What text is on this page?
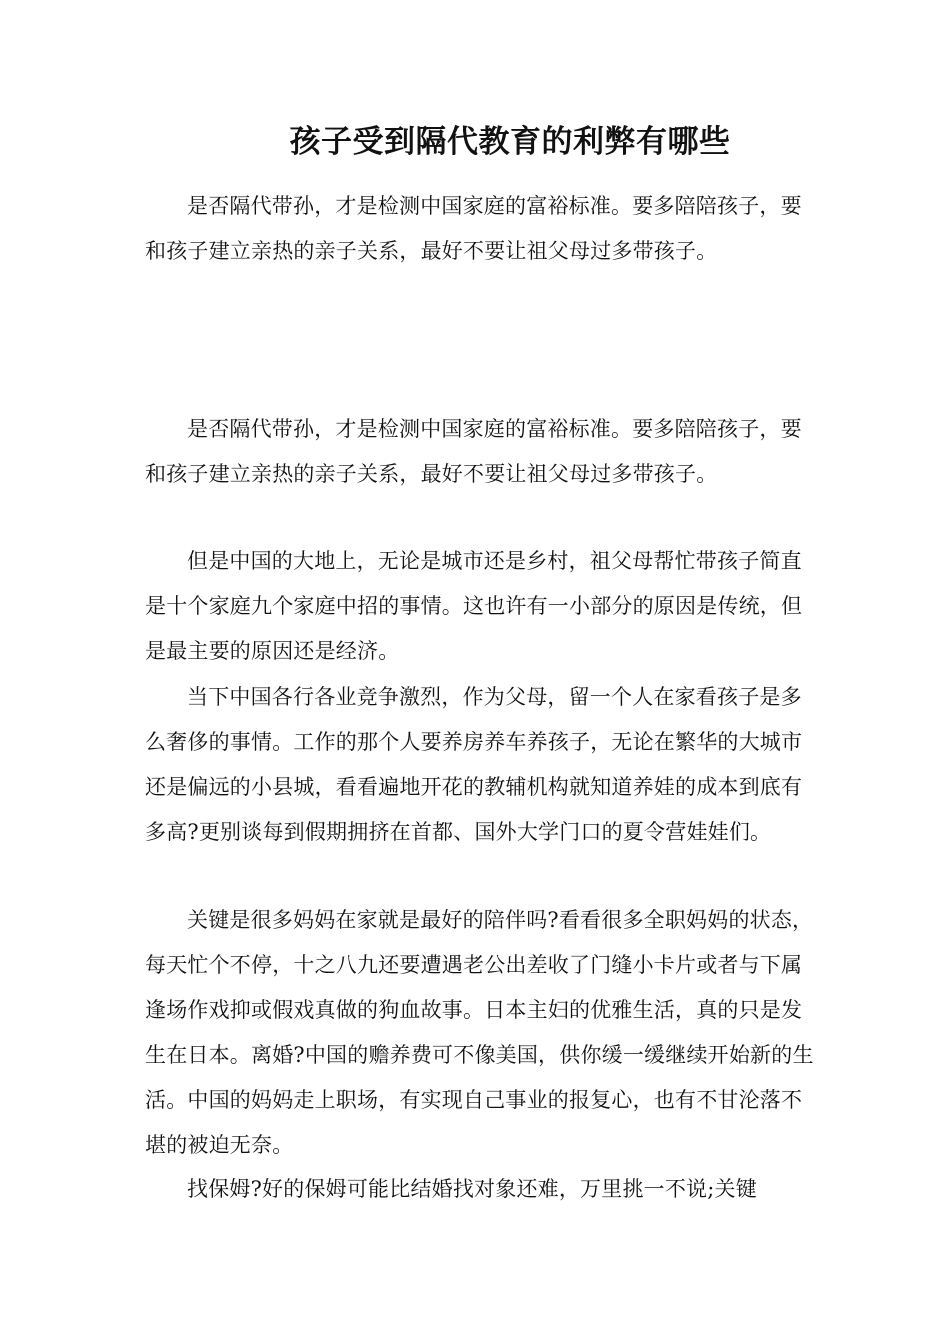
孩子受到隔代教育的利弊有哪些

是否隔代带孙，才是检测中国家庭的富裕标准。要多陪陪孩子，要和孩子建立亲热的亲子关系，最好不要让祖父母过多带孩子。

是否隔代带孙，才是检测中国家庭的富裕标准。要多陪陪孩子，要和孩子建立亲热的亲子关系，最好不要让祖父母过多带孩子。

但是中国的大地上，无论是城市还是乡村，祖父母帮忙带孩子简直是十个家庭九个家庭中招的事情。这也许有一小部分的原因是传统，但是最主要的原因还是经济。

当下中国各行各业竞争激烈，作为父母，留一个人在家看孩子是多么奢侈的事情。工作的那个人要养房养车养孩子，无论在繁华的大城市还是偏远的小县城，看看遍地开花的教辅机构就知道养娃的成本到底有多高?更别谈每到假期拥挤在首都、国外大学门口的夏令营娃娃们。

关键是很多妈妈在家就是最好的陪伴吗?看看很多全职妈妈的状态，每天忙个不停，十之八九还要遭遇老公出差收了门缝小卡片或者与下属逢场作戏抑或假戏真做的狗血故事。日本主妇的优雅生活，真的只是发生在日本。离婚?中国的赡养费可不像美国，供你缓一缓继续开始新的生活。中国的妈妈走上职场，有实现自己事业的报复心，也有不甘沦落不堪的被迫无奈。

找保姆?好的保姆可能比结婚找对象还难，万里挑一不说;关键
